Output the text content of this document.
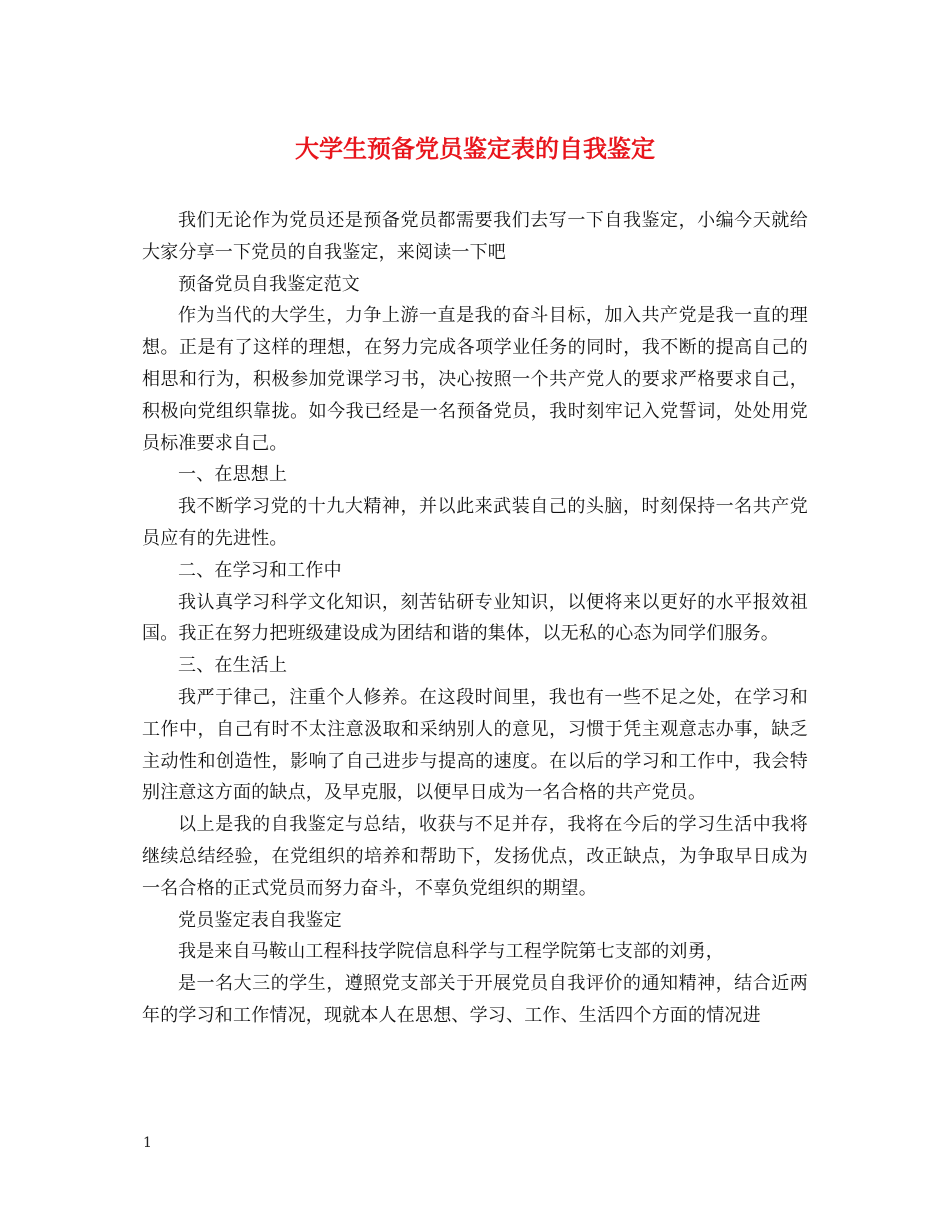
大学生预备党员鉴定表的自我鉴定

我们无论作为党员还是预备党员都需要我们去写一下自我鉴定，小编今天就给大家分享一下党员的自我鉴定，来阅读一下吧

预备党员自我鉴定范文

作为当代的大学生，力争上游一直是我的奋斗目标，加入共产党是我一直的理想。正是有了这样的理想，在努力完成各项学业任务的同时，我不断的提高自己的相思和行为，积极参加党课学习书，决心按照一个共产党人的要求严格要求自己，积极向党组织靠拢。如今我已经是一名预备党员，我时刻牢记入党誓词，处处用党员标准要求自己。

一、在思想上

我不断学习党的十九大精神，并以此来武装自己的头脑，时刻保持一名共产党员应有的先进性。

二、在学习和工作中

我认真学习科学文化知识，刻苦钻研专业知识，以便将来以更好的水平报效祖国。我正在努力把班级建设成为团结和谐的集体，以无私的心态为同学们服务。

三、在生活上

我严于律己，注重个人修养。在这段时间里，我也有一些不足之处，在学习和工作中，自己有时不太注意汲取和采纳别人的意见，习惯于凭主观意志办事，缺乏主动性和创造性，影响了自己进步与提高的速度。在以后的学习和工作中，我会特别注意这方面的缺点，及早克服，以便早日成为一名合格的共产党员。

以上是我的自我鉴定与总结，收获与不足并存，我将在今后的学习生活中我将继续总结经验，在党组织的培养和帮助下，发扬优点，改正缺点，为争取早日成为一名合格的正式党员而努力奋斗，不辜负党组织的期望。

党员鉴定表自我鉴定

我是来自马鞍山工程科技学院信息科学与工程学院第七支部的刘勇，

是一名大三的学生，遵照党支部关于开展党员自我评价的通知精神，结合近两年的学习和工作情况，现就本人在思想、学习、工作、生活四个方面的情况进

1
